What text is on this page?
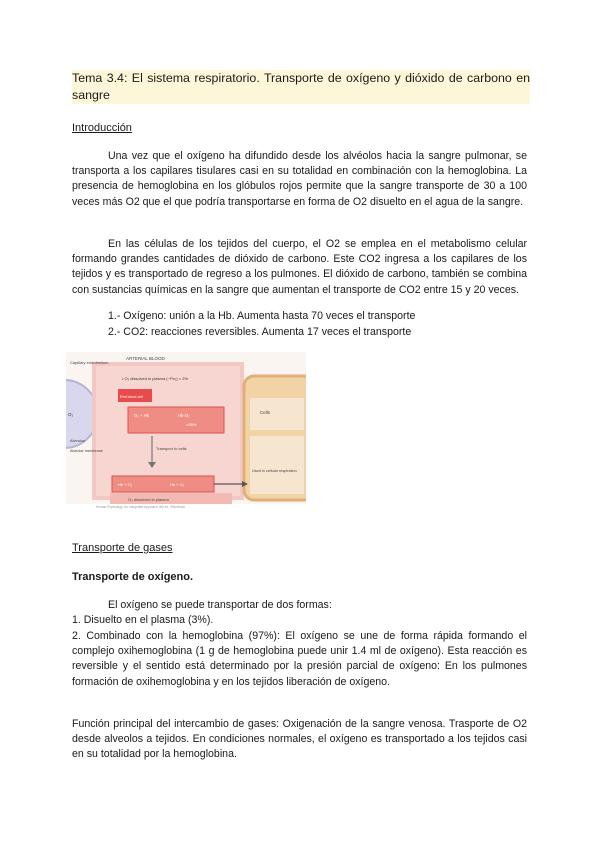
Tema 3.4: El sistema respiratorio. Transporte de oxígeno y dióxido de carbono en sangre
Introducción
Una vez que el oxígeno ha difundido desde los alvéolos hacia la sangre pulmonar, se transporta a los capilares tisulares casi en su totalidad en combinación con la hemoglobina. La presencia de hemoglobina en los glóbulos rojos permite que la sangre transporte de 30 a 100 veces más O2 que el que podría transportarse en forma de O2 disuelto en el agua de la sangre.
En las células de los tejidos del cuerpo, el O2 se emplea en el metabolismo celular formando grandes cantidades de dióxido de carbono. Este CO2 ingresa a los capilares de los tejidos y es transportado de regreso a los pulmones. El dióxido de carbono, también se combina con sustancias químicas en la sangre que aumentan el transporte de CO2 entre 15 y 20 veces.
1.- Oxígeno: unión a la Hb. Aumenta hasta 70 veces el transporte
2.- CO2: reacciones reversibles. Aumenta 17 veces el transporte
ARTERIAL BLOOD
Capillary endothelium
O₂
• O₂ dissolved in plasma (~Po₂) = 2%
O₂ + Hb	Hb-O₂
>98%
Red blood cell
Alveolus
Alveolar membrane	Transport to cells
Cells
Hb + O₂	Hb + O₂
O₂ dissolved in plasma
Used in cellular respiration
Human Physiology: An Integrated Approach, 6th ed. Silverthorn
Transporte de gases
Transporte de oxígeno.
El oxígeno se puede transportar de dos formas:
1. Disuelto en el plasma (3%).
2. Combinado con la hemoglobina (97%): El oxígeno se une de forma rápida formando el complejo oxihemoglobina (1 g de hemoglobina puede unir 1.4 ml de oxígeno). Esta reacción es reversible y el sentido está determinado por la presión parcial de oxígeno: En los pulmones formación de oxihemoglobina y en los tejidos liberación de oxígeno.
Función principal del intercambio de gases: Oxigenación de la sangre venosa. Trasporte de O2 desde alveolos a tejidos. En condiciones normales, el oxígeno es transportado a los tejidos casi en su totalidad por la hemoglobina.
